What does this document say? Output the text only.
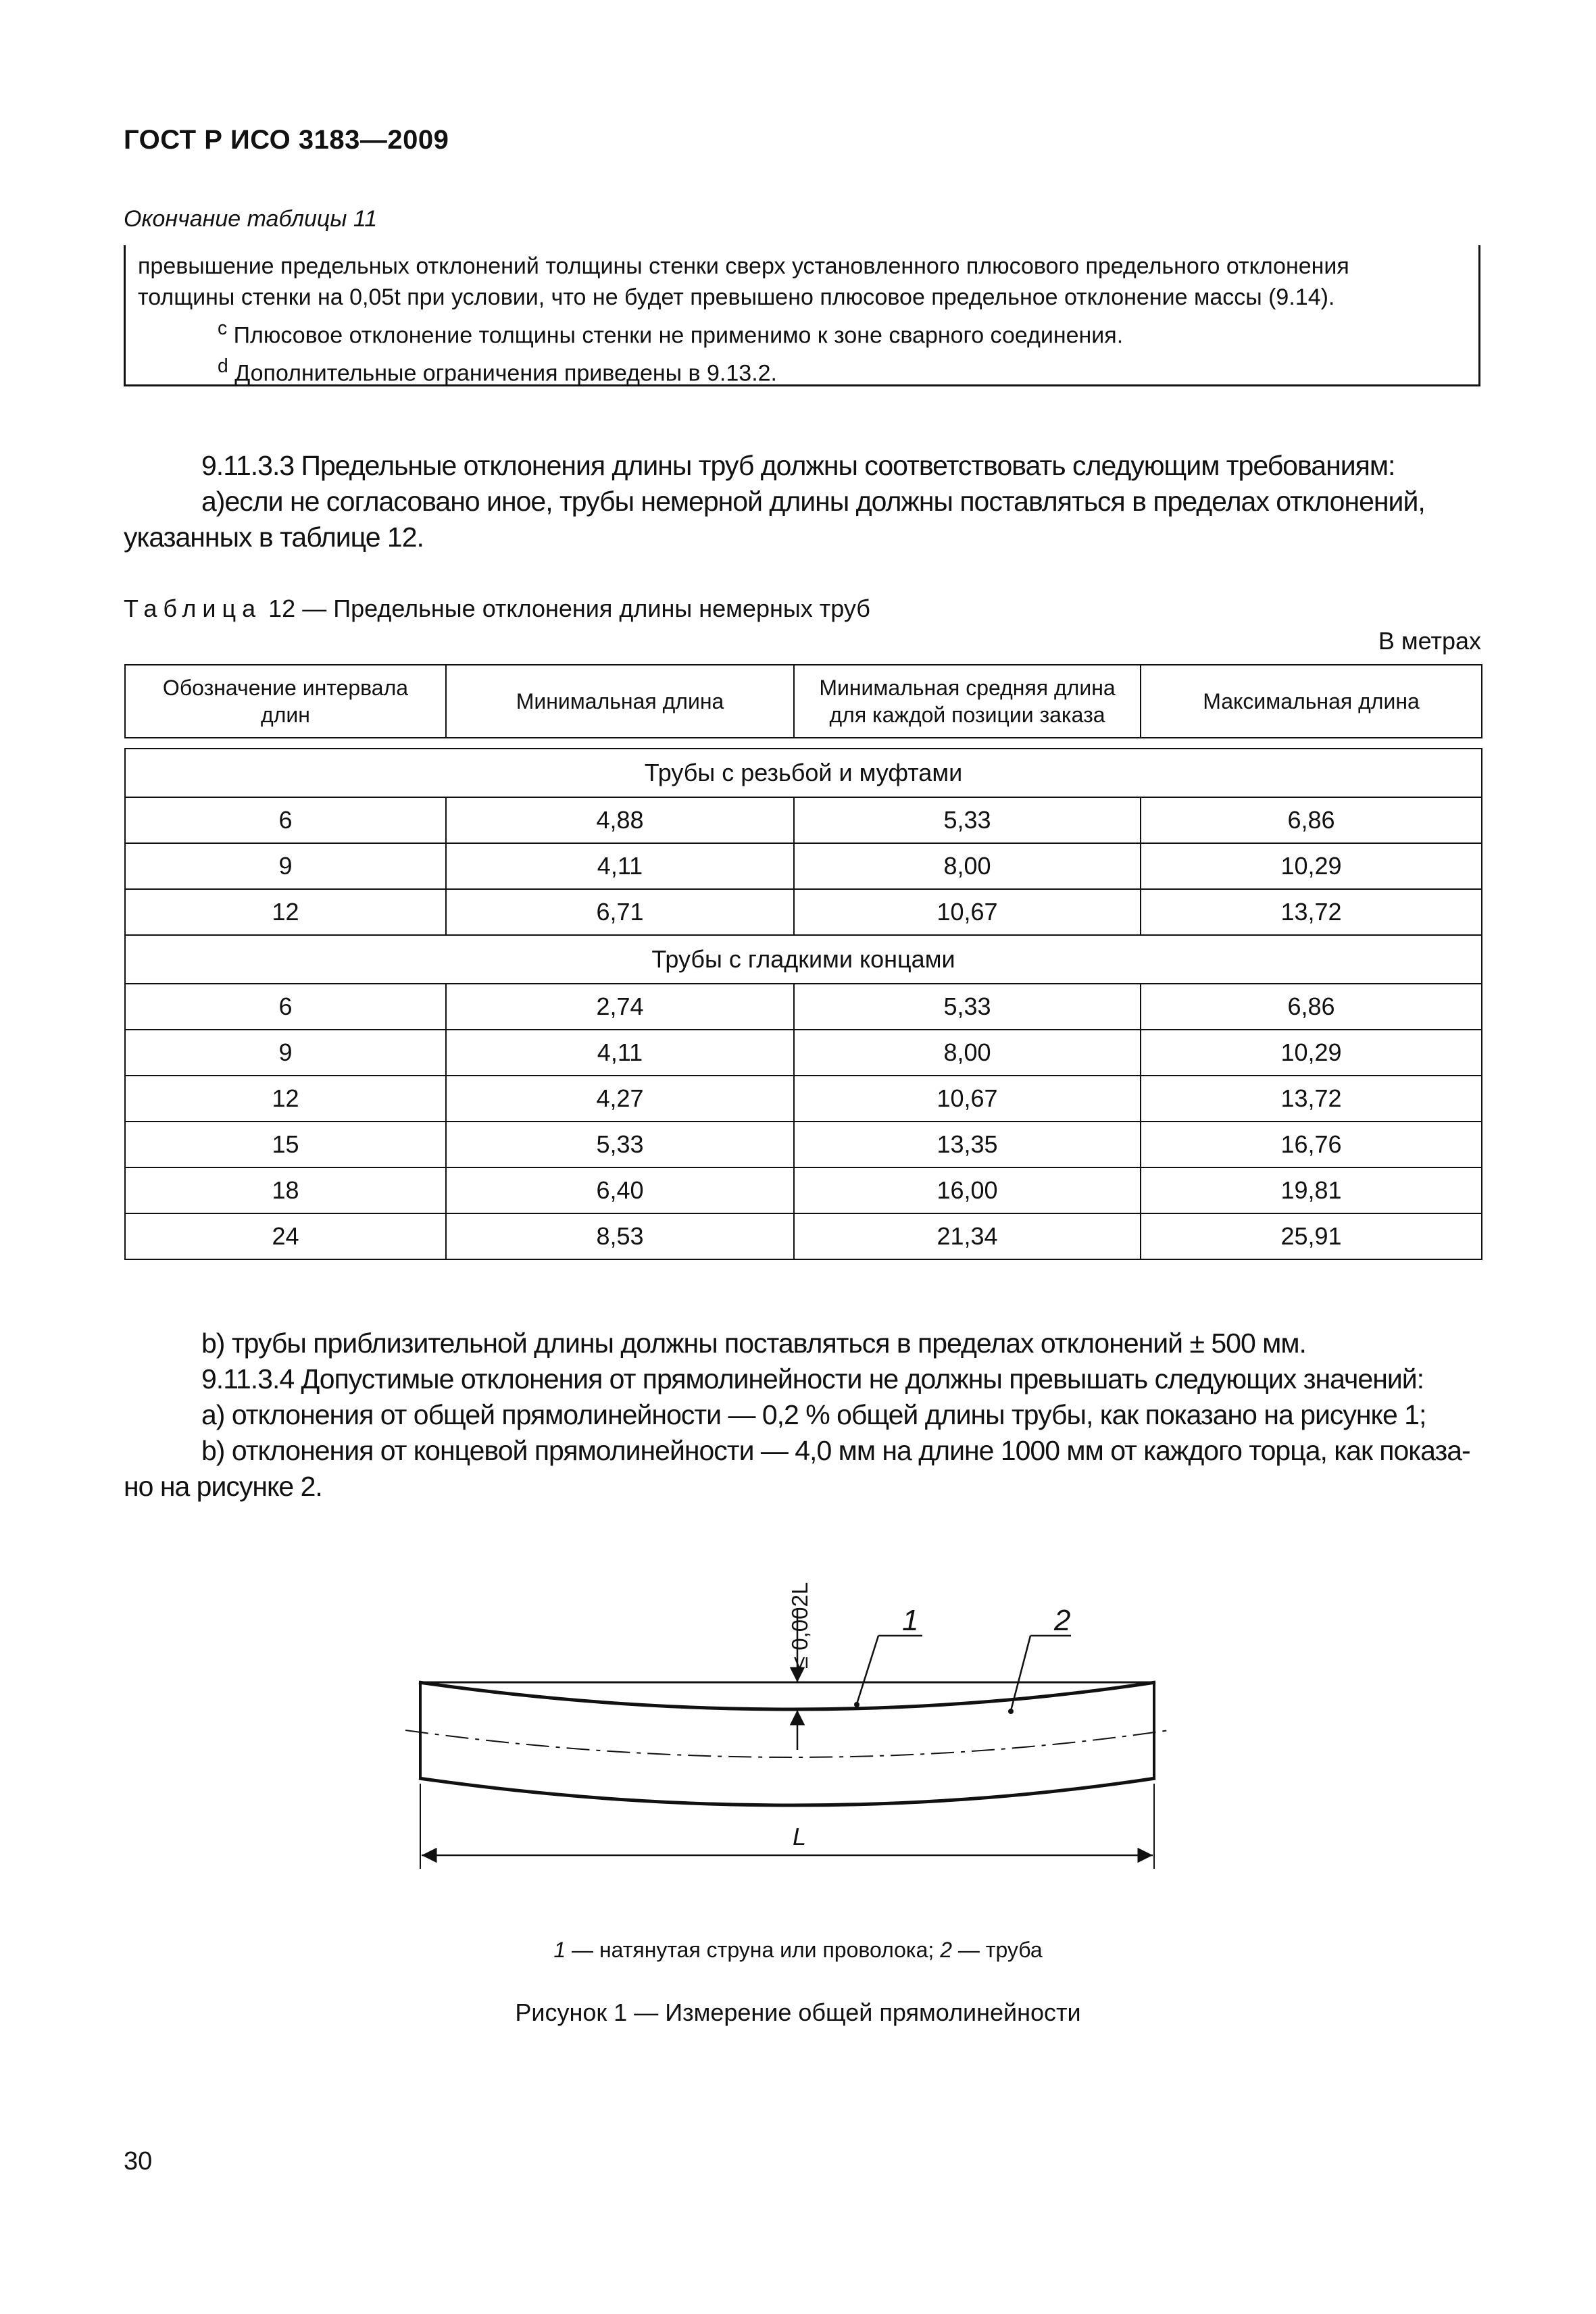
ГОСТ Р ИСО 3183—2009
Окончание таблицы 11
превышение предельных отклонений толщины стенки сверх установленного плюсового предельного отклонения
толщины стенки на 0,05t при условии, что не будет превышено плюсовое предельное отклонение массы (9.14).
$^c$ Плюсовое отклонение толщины стенки не применимо к зоне сварного соединения.
$^d$ Дополнительные ограничения приведены в 9.13.2.
9.11.3.3 Предельные отклонения длины труб должны соответствовать следующим требованиям:
а)если не согласовано иное, трубы немерной длины должны поставляться в пределах отклонений,
указанных в таблице 12.
Таблица 12 — Предельные отклонения длины немерных труб
В метрах
Обозначение интервала длин	Минимальная длина	Минимальная средняя длина для каждой позиции заказа	Максимальная длина

Трубы с резьбой и муфтами			
6	4,88	5,33	6,86
9	4,11	8,00	10,29
12	6,71	10,67	13,72
Трубы с гладкими концами			
6	2,74	5,33	6,86
9	4,11	8,00	10,29
12	4,27	10,67	13,72
15	5,33	13,35	16,76
18	6,40	16,00	19,81
24	8,53	21,34	25,91
b) трубы приблизительной длины должны поставляться в пределах отклонений ± 500 мм.
9.11.3.4 Допустимые отклонения от прямолинейности не должны превышать следующих значений:
а) отклонения от общей прямолинейности — 0,2 % общей длины трубы, как показано на рисунке 1;
b) отклонения от концевой прямолинейности — 4,0 мм на длине 1000 мм от каждого торца, как показа-
но на рисунке 2.
≤ 0,002L	1	2
L
1 — натянутая струна или проволока; 2 — труба
Рисунок 1 — Измерение общей прямолинейности
30
